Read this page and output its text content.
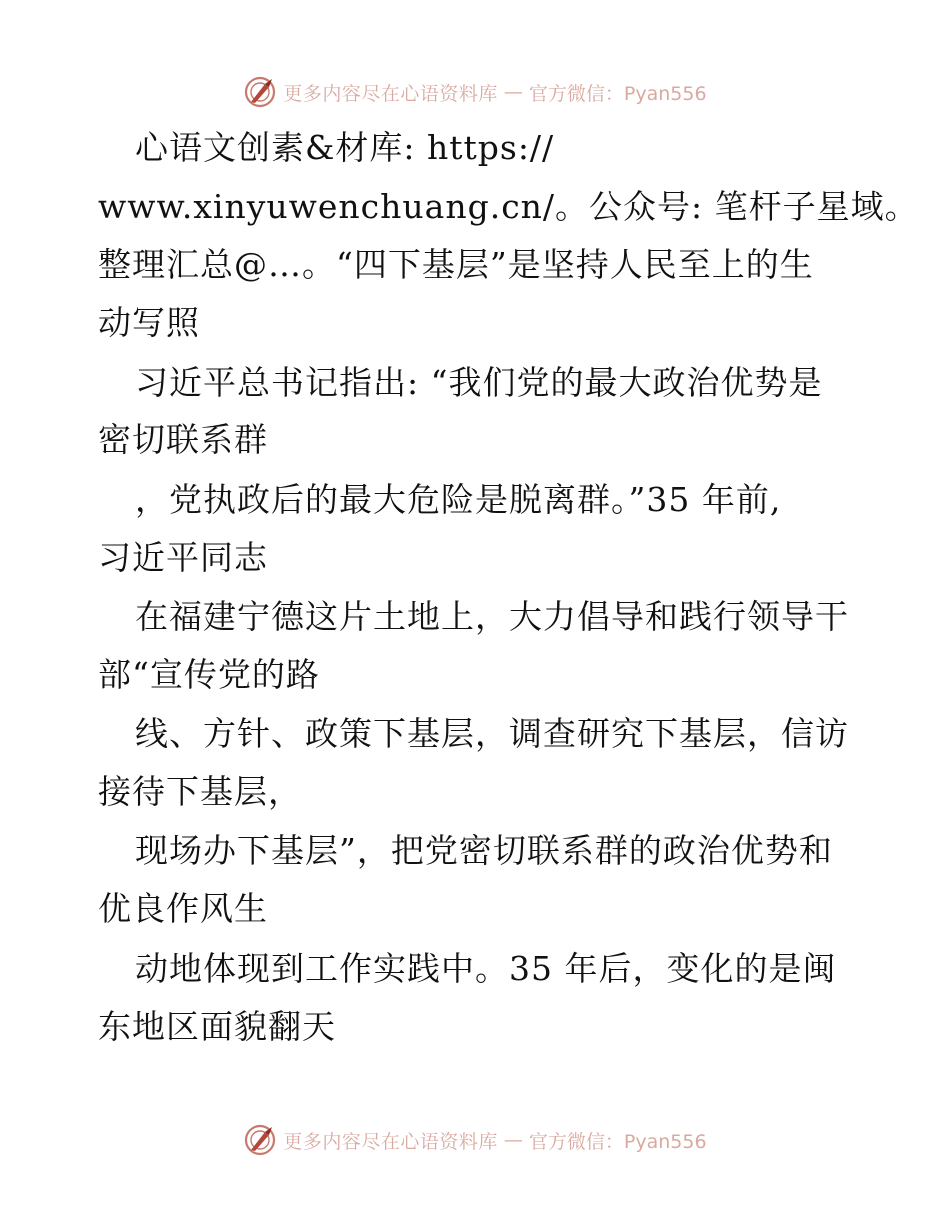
更多内容尽在心语资料库 — 官方微信：Pyan556
心语文创素&材库: https://
www.xinyuwenchuang.cn/。公众号: 笔杆子星域。
整理汇总@…。“四下基层”是坚持人民至上的生
动写照
习近平总书记指出: “我们党的最大政治优势是
密切联系群
，党执政后的最大危险是脱离群。”35 年前,
习近平同志
在福建宁德这片土地上，大力倡导和践行领导干
部“宣传党的路
线、方针、政策下基层，调查研究下基层，信访
接待下基层，
现场办下基层”，把党密切联系群的政治优势和
优良作风生
动地体现到工作实践中。35 年后，变化的是闽
东地区面貌翻天
更多内容尽在心语资料库 — 官方微信：Pyan556
